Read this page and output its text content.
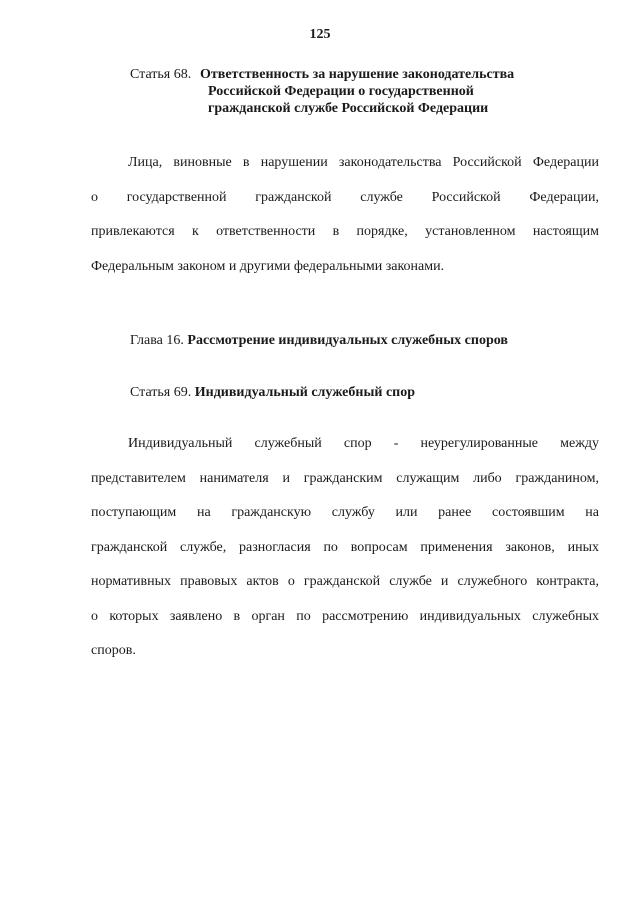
125
Статья 68. Ответственность за нарушение законодательства
Российской Федерации о государственной
гражданской службе Российской Федерации
Лица, виновные в нарушении законодательства Российской Федерации
о государственной гражданской службе Российской Федерации,
привлекаются к ответственности в порядке, установленном настоящим
Федеральным законом и другими федеральными законами.
Глава 16. Рассмотрение индивидуальных служебных споров
Статья 69. Индивидуальный служебный спор
Индивидуальный служебный спор - неурегулированные между
представителем нанимателя и гражданским служащим либо гражданином,
поступающим на гражданскую службу или ранее состоявшим на
гражданской службе, разногласия по вопросам применения законов, иных
нормативных правовых актов о гражданской службе и служебного контракта,
о которых заявлено в орган по рассмотрению индивидуальных служебных
споров.
